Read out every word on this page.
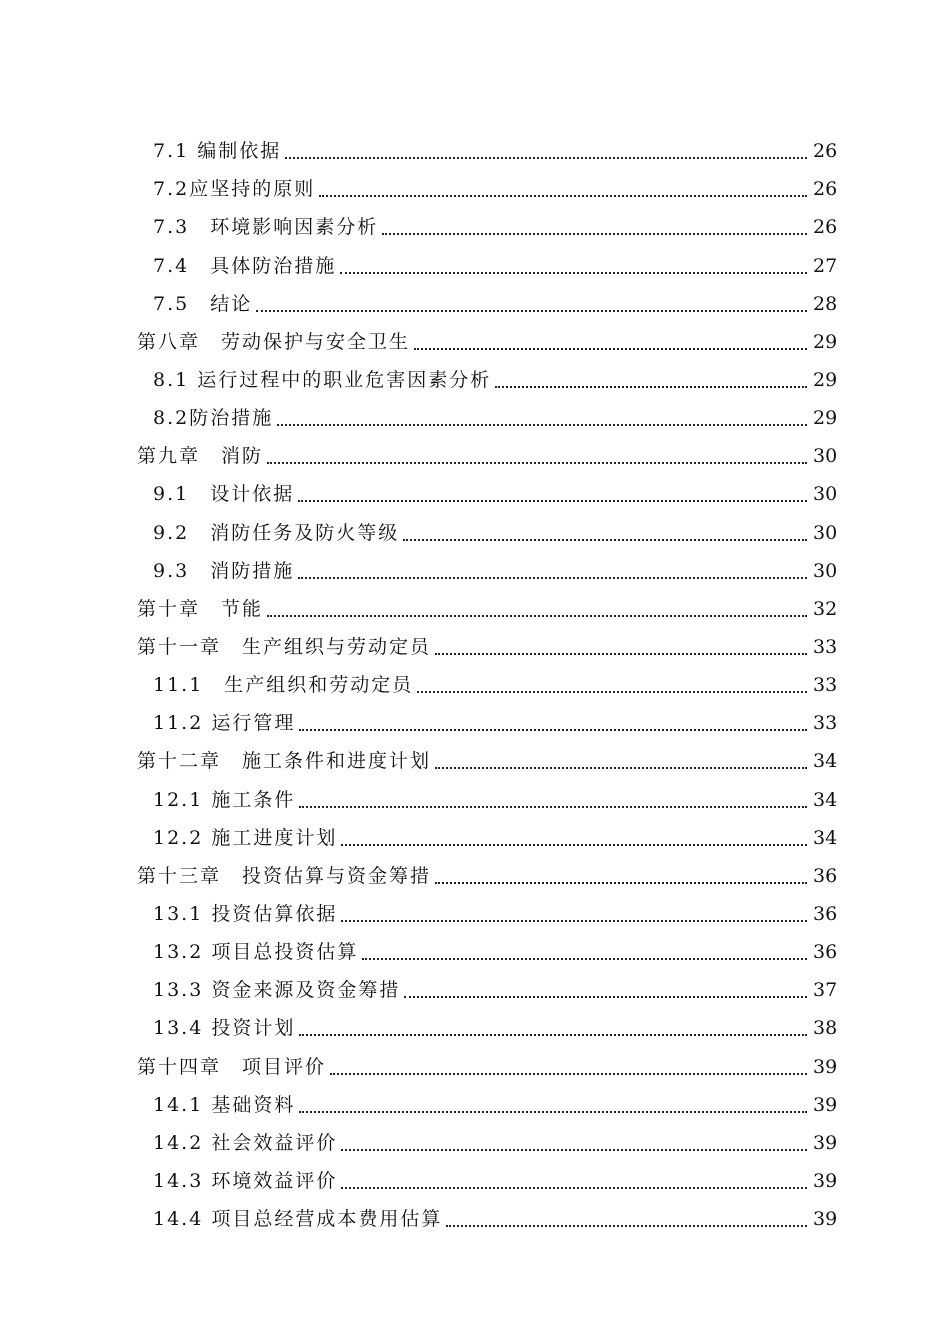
7.1 编制依据	26
7.2应坚持的原则	26
7.3　环境影响因素分析	26
7.4　具体防治措施	27
7.5　结论	28
第八章　劳动保护与安全卫生	29
8.1 运行过程中的职业危害因素分析	29
8.2防治措施	29
第九章　消防	30
9.1　设计依据	30
9.2　消防任务及防火等级	30
9.3　消防措施	30
第十章　节能	32
第十一章　生产组织与劳动定员	33
11.1　生产组织和劳动定员	33
11.2 运行管理	33
第十二章　施工条件和进度计划	34
12.1 施工条件	34
12.2 施工进度计划	34
第十三章　投资估算与资金筹措	36
13.1 投资估算依据	36
13.2 项目总投资估算	36
13.3 资金来源及资金筹措	37
13.4 投资计划	38
第十四章　项目评价	39
14.1 基础资料	39
14.2 社会效益评价	39
14.3 环境效益评价	39
14.4 项目总经营成本费用估算	39
